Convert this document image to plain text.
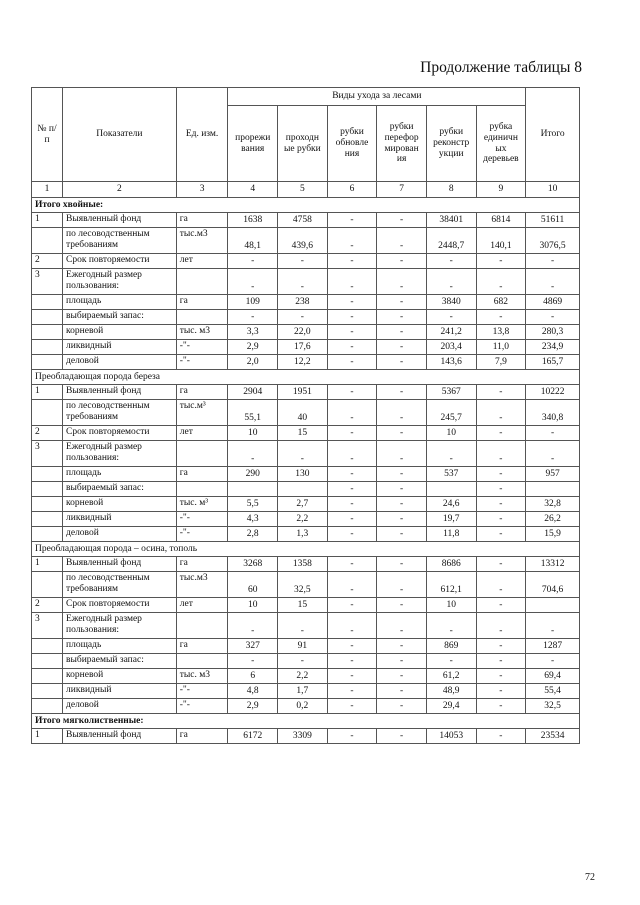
Продолжение таблицы 8
№ п/п	Показатели	Ед. изм.	Виды ухода за лесами						Итого
			прорежи вания	проходн ые рубки	рубки обновле ния	рубки перефор мирован ия	рубки реконстр укции	рубка единичн ых деревьев	
1	2	3	4	5	6	7	8	9	10
Итого хвойные:									
1	Выявленный фонд	га	1638	4758	-	-	38401	6814	51611
	по лесоводственным требованиям	тыс.м3	48,1	439,6	-	-	2448,7	140,1	3076,5
2	Срок повторяемости	лет	-	-	-	-	-	-	-
3	Ежегодный размер пользования:		-	-	-	-	-	-	-
	площадь	га	109	238	-	-	3840	682	4869
	выбираемый запас:		-	-	-	-	-	-	-
	корневой	тыс. м3	3,3	22,0	-	-	241,2	13,8	280,3
	ликвидный	-"-	2,9	17,6	-	-	203,4	11,0	234,9
	деловой	-"-	2,0	12,2	-	-	143,6	7,9	165,7
Преобладающая порода береза									
1	Выявленный фонд	га	2904	1951	-	-	5367	-	10222
	по лесоводственным требованиям	тыс.м³	55,1	40	-	-	245,7	-	340,8
2	Срок повторяемости	лет	10	15	-	-	10	-	-
3	Ежегодный размер пользования:		-	-	-	-	-	-	-
	площадь	га	290	130	-	-	537	-	957
	выбираемый запас:				-	-		-	
	корневой	тыс. м³	5,5	2,7	-	-	24,6	-	32,8
	ликвидный	-"-	4,3	2,2	-	-	19,7	-	26,2
	деловой	-"-	2,8	1,3	-	-	11,8	-	15,9
Преобладающая порода – осина, тополь									
1	Выявленный фонд	га	3268	1358	-	-	8686	-	13312
	по лесоводственным требованиям	тыс.м3	60	32,5	-	-	612,1	-	704,6
2	Срок повторяемости	лет	10	15	-	-	10	-	
3	Ежегодный размер пользования:		-	-	-	-	-	-	-
	площадь	га	327	91	-	-	869	-	1287
	выбираемый запас:		-	-	-	-	-	-	-
	корневой	тыс. м3	6	2,2	-	-	61,2	-	69,4
	ликвидный	-"-	4,8	1,7	-	-	48,9	-	55,4
	деловой	-"-	2,9	0,2	-	-	29,4	-	32,5
Итого мягколиственные:									
1	Выявленный фонд	га	6172	3309	-	-	14053	-	23534
72
